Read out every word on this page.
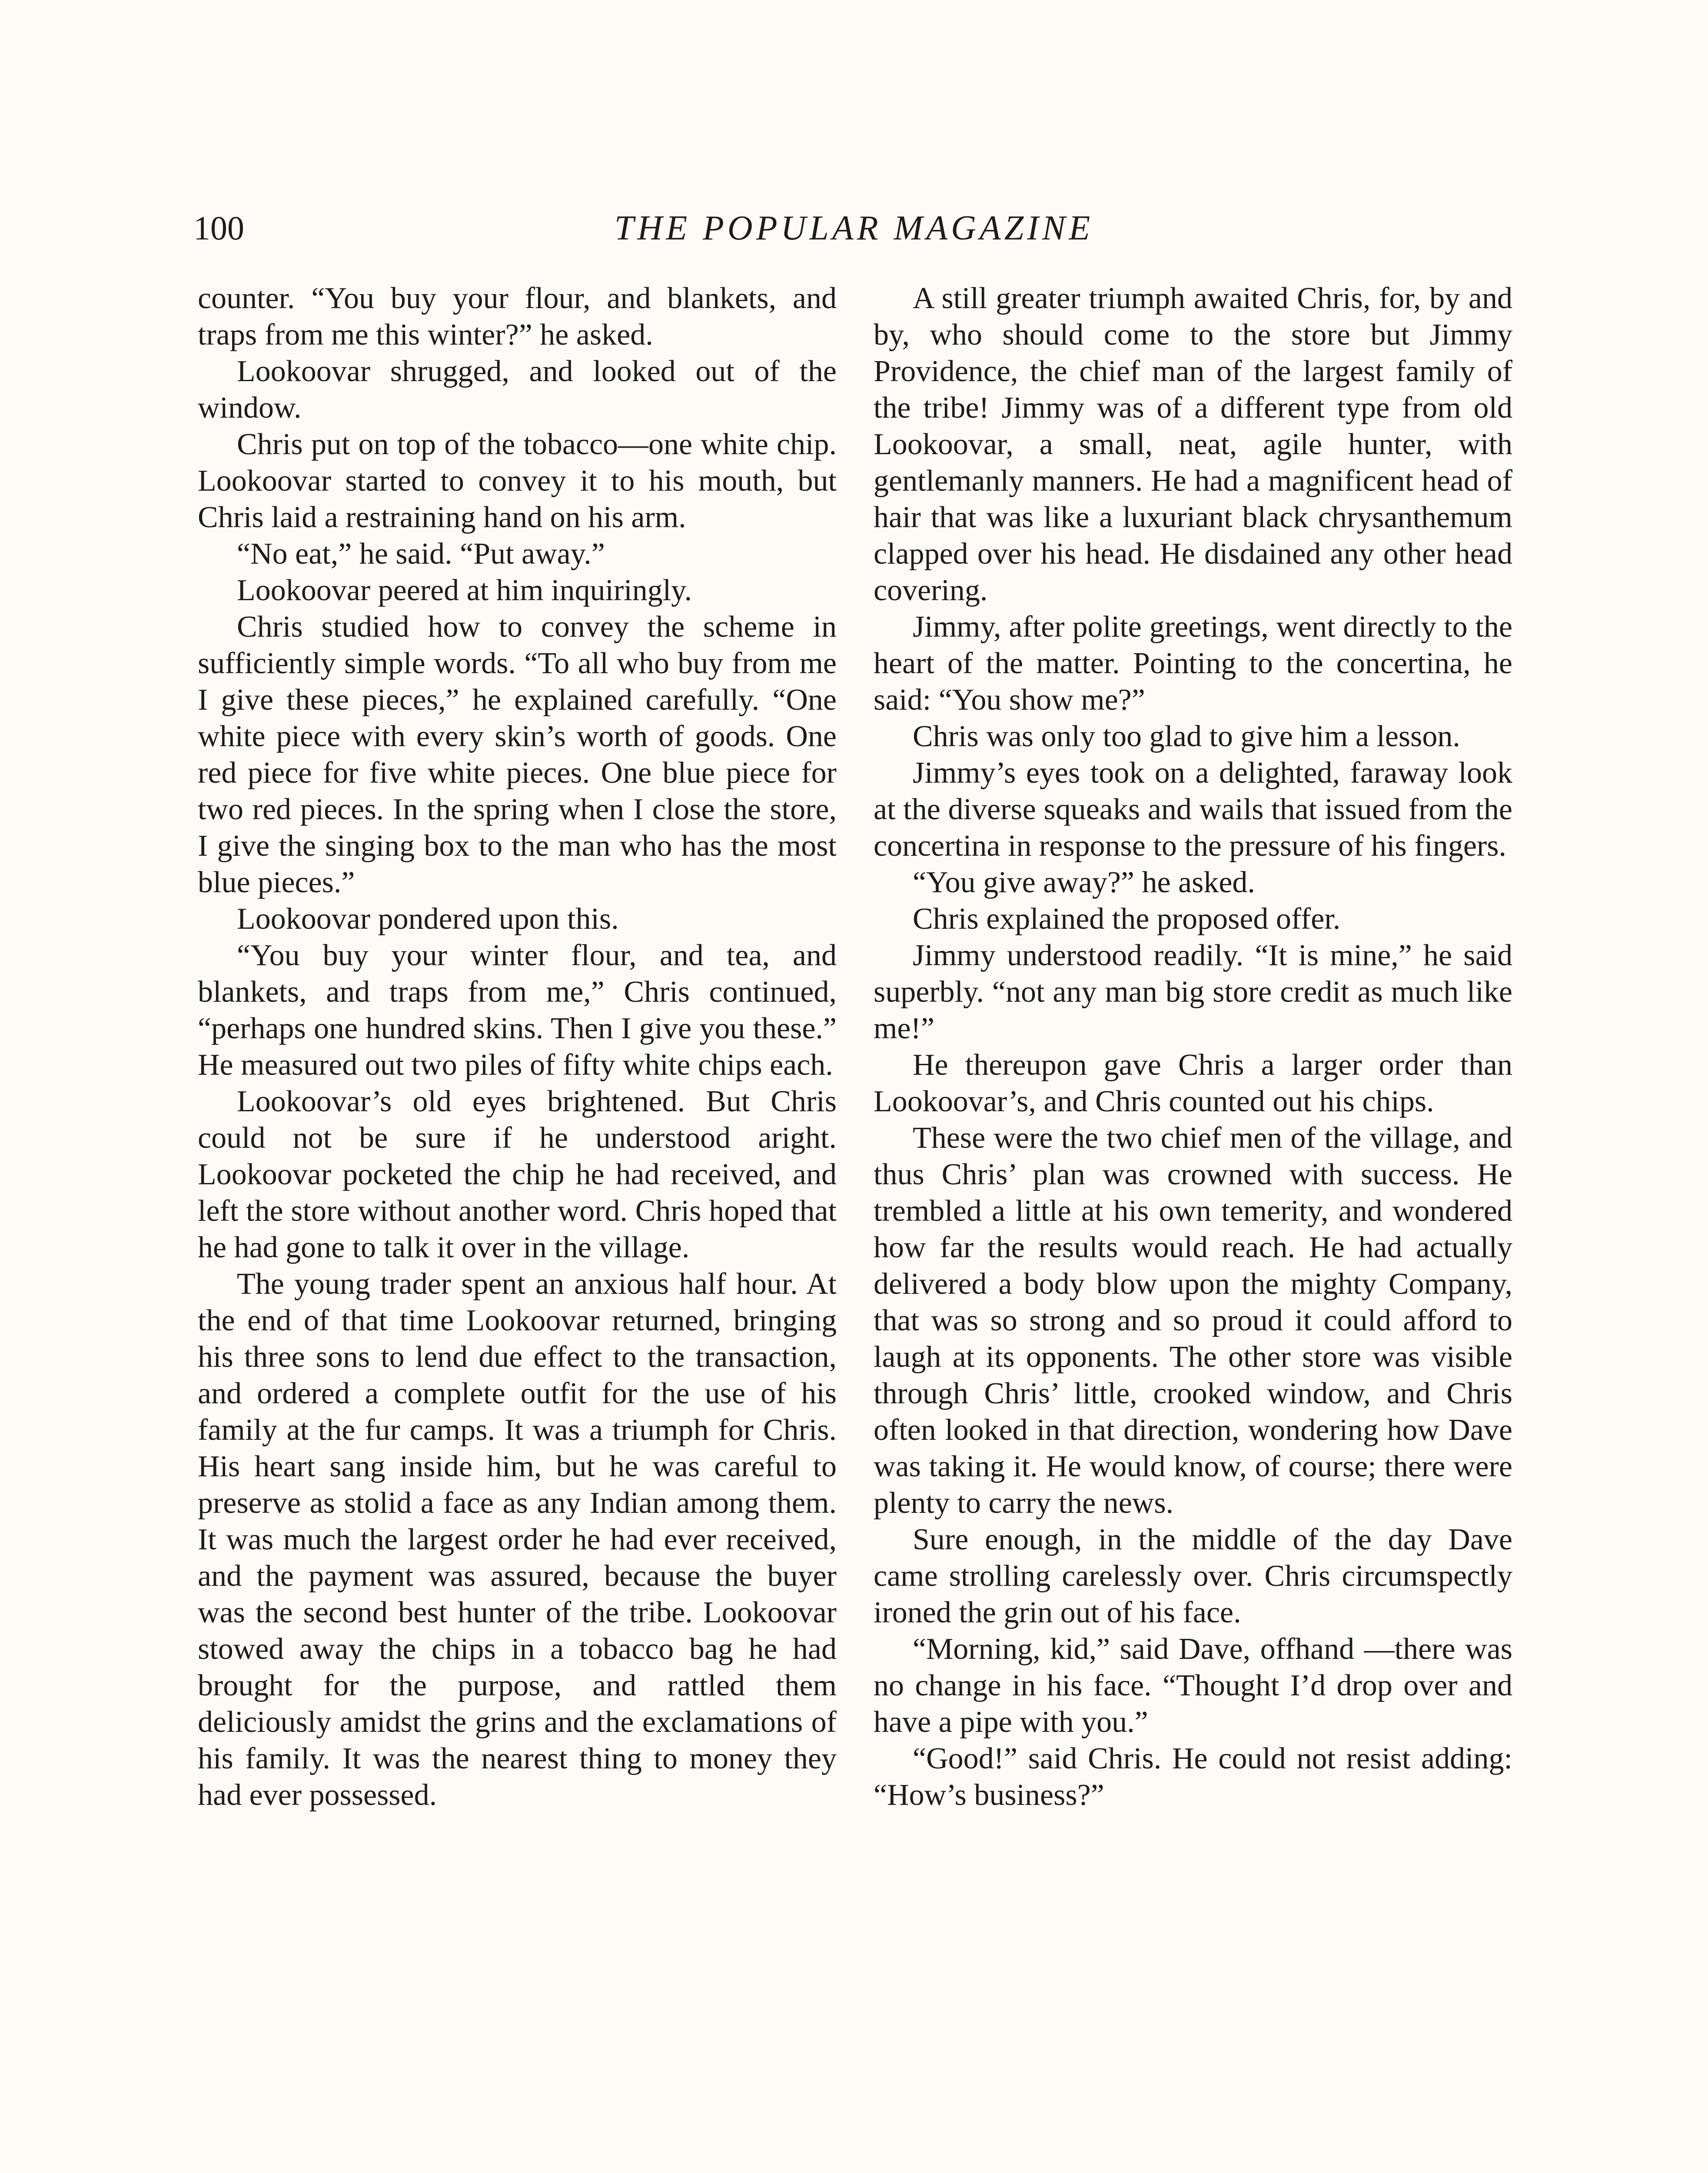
100	THE POPULAR MAGAZINE

counter. “You buy your flour, and blankets, and traps from me this winter?” he asked.

Lookoovar shrugged, and looked out of the window.

Chris put on top of the tobacco—one white chip. Lookoovar started to convey it to his mouth, but Chris laid a restraining hand on his arm.

“No eat,” he said. “Put away.”

Lookoovar peered at him inquiringly.

Chris studied how to convey the scheme in sufficiently simple words. “To all who buy from me I give these pieces,” he explained carefully. “One white piece with every skin’s worth of goods. One red piece for five white pieces. One blue piece for two red pieces. In the spring when I close the store, I give the singing box to the man who has the most blue pieces.”

Lookoovar pondered upon this.

“You buy your winter flour, and tea, and blankets, and traps from me,” Chris continued, “perhaps one hundred skins. Then I give you these.” He measured out two piles of fifty white chips each.

Lookoovar’s old eyes brightened. But Chris could not be sure if he understood aright. Lookoovar pocketed the chip he had received, and left the store without another word. Chris hoped that he had gone to talk it over in the village.

The young trader spent an anxious half hour. At the end of that time Lookoovar returned, bringing his three sons to lend due effect to the transaction, and ordered a complete outfit for the use of his family at the fur camps. It was a triumph for Chris. His heart sang inside him, but he was careful to preserve as stolid a face as any Indian among them. It was much the largest order he had ever received, and the payment was assured, because the buyer was the second best hunter of the tribe. Lookoovar stowed away the chips in a tobacco bag he had brought for the purpose, and rattled them deliciously amidst the grins and the exclamations of his family. It was the nearest thing to money they had ever possessed.

A still greater triumph awaited Chris, for, by and by, who should come to the store but Jimmy Providence, the chief man of the largest family of the tribe! Jimmy was of a different type from old Lookoovar, a small, neat, agile hunter, with gentlemanly manners. He had a magnificent head of hair that was like a luxuriant black chrysanthemum clapped over his head. He disdained any other head covering.

Jimmy, after polite greetings, went directly to the heart of the matter. Pointing to the concertina, he said: “You show me?”

Chris was only too glad to give him a lesson.

Jimmy’s eyes took on a delighted, faraway look at the diverse squeaks and wails that issued from the concertina in response to the pressure of his fingers.

“You give away?” he asked.

Chris explained the proposed offer.

Jimmy understood readily. “It is mine,” he said superbly. “not any man big store credit as much like me!”

He thereupon gave Chris a larger order than Lookoovar’s, and Chris counted out his chips.

These were the two chief men of the village, and thus Chris’ plan was crowned with success. He trembled a little at his own temerity, and wondered how far the results would reach. He had actually delivered a body blow upon the mighty Company, that was so strong and so proud it could afford to laugh at its opponents. The other store was visible through Chris’ little, crooked window, and Chris often looked in that direction, wondering how Dave was taking it. He would know, of course; there were plenty to carry the news.

Sure enough, in the middle of the day Dave came strolling carelessly over. Chris circumspectly ironed the grin out of his face.

“Morning, kid,” said Dave, offhand —there was no change in his face. “Thought I’d drop over and have a pipe with you.”

“Good!” said Chris. He could not resist adding: “How’s business?”
